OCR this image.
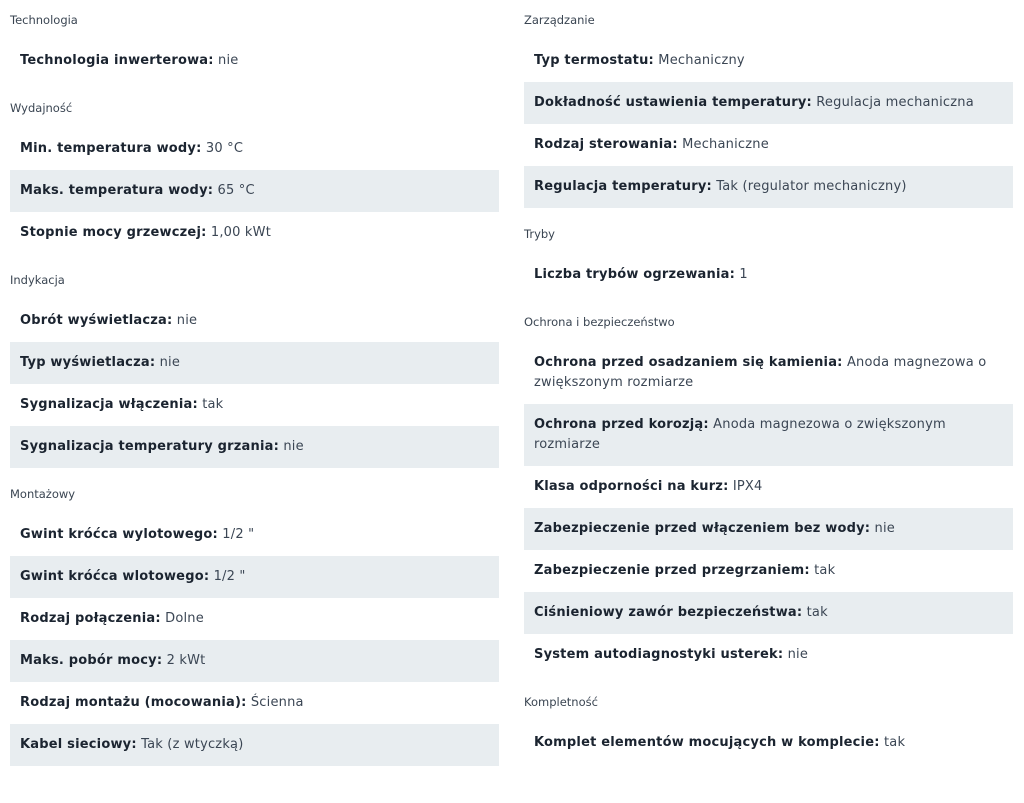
Technologia
Technologia inwerterowa: nie
Wydajność
Min. temperatura wody: 30 °C
Maks. temperatura wody: 65 °C
Stopnie mocy grzewczej: 1,00 kWt
Indykacja
Obrót wyświetlacza: nie
Typ wyświetlacza: nie
Sygnalizacja włączenia: tak
Sygnalizacja temperatury grzania: nie
Montażowy
Gwint króćca wylotowego: 1/2 "
Gwint króćca wlotowego: 1/2 "
Rodzaj połączenia: Dolne
Maks. pobór mocy: 2 kWt
Rodzaj montażu (mocowania): Ścienna
Kabel sieciowy: Tak (z wtyczką)
Zarządzanie
Typ termostatu: Mechaniczny
Dokładność ustawienia temperatury: Regulacja mechaniczna
Rodzaj sterowania: Mechaniczne
Regulacja temperatury: Tak (regulator mechaniczny)
Tryby
Liczba trybów ogrzewania: 1
Ochrona i bezpieczeństwo
Ochrona przed osadzaniem się kamienia: Anoda magnezowa o zwiększonym rozmiarze
Ochrona przed korozją: Anoda magnezowa o zwiększonym rozmiarze
Klasa odporności na kurz: IPX4
Zabezpieczenie przed włączeniem bez wody: nie
Zabezpieczenie przed przegrzaniem: tak
Ciśnieniowy zawór bezpieczeństwa: tak
System autodiagnostyki usterek: nie
Kompletność
Komplet elementów mocujących w komplecie: tak
